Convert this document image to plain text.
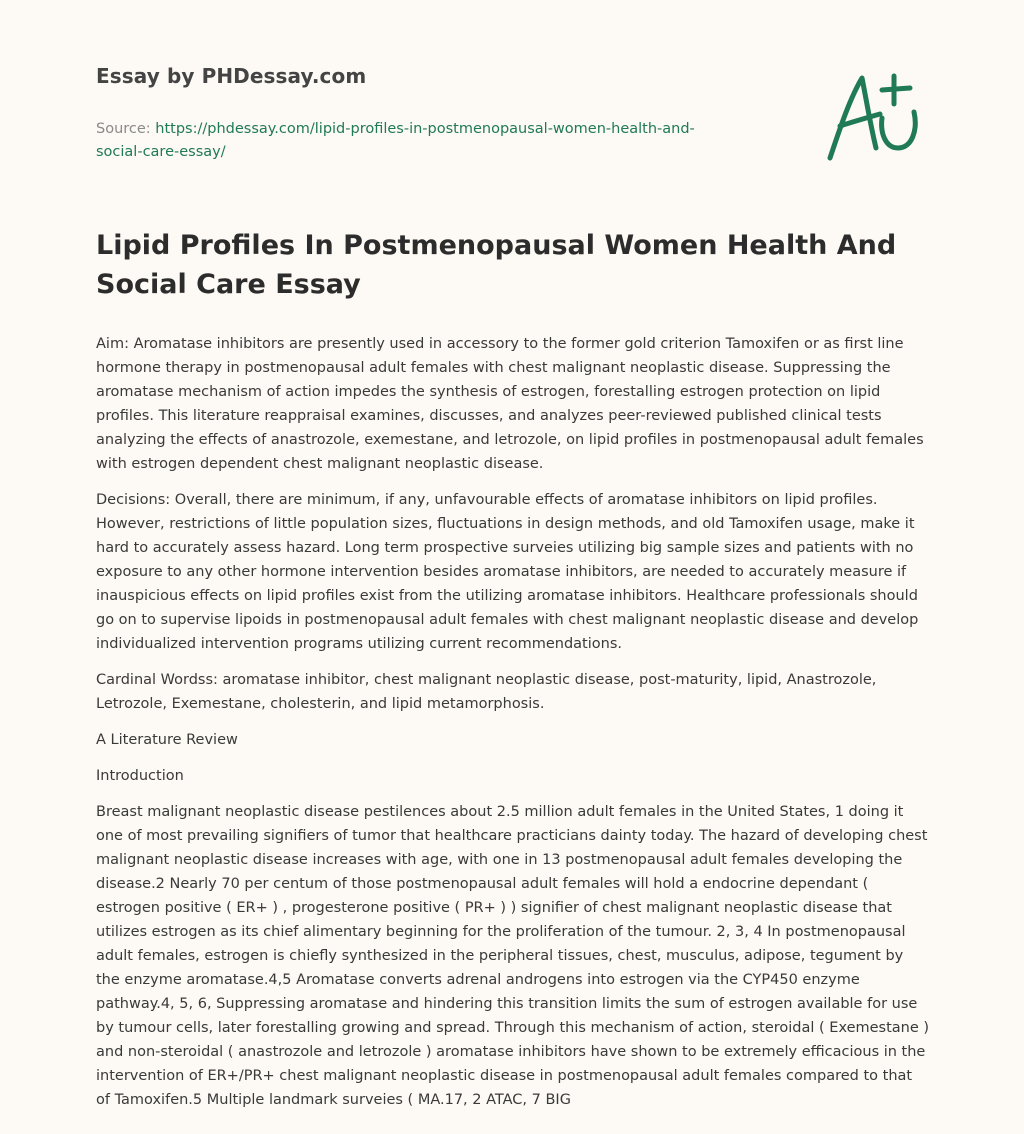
Essay by PHDessay.com
Source: https://phdessay.com/lipid-profiles-in-postmenopausal-women-health-and-social-care-essay/
Lipid Profiles In Postmenopausal Women Health And Social Care Essay

Aim: Aromatase inhibitors are presently used in accessory to the former gold criterion Tamoxifen or as first line hormone therapy in postmenopausal adult females with chest malignant neoplastic disease. Suppressing the aromatase mechanism of action impedes the synthesis of estrogen, forestalling estrogen protection on lipid profiles. This literature reappraisal examines, discusses, and analyzes peer-reviewed published clinical tests analyzing the effects of anastrozole, exemestane, and letrozole, on lipid profiles in postmenopausal adult females with estrogen dependent chest malignant neoplastic disease.

Decisions: Overall, there are minimum, if any, unfavourable effects of aromatase inhibitors on lipid profiles. However, restrictions of little population sizes, fluctuations in design methods, and old Tamoxifen usage, make it hard to accurately assess hazard. Long term prospective surveies utilizing big sample sizes and patients with no exposure to any other hormone intervention besides aromatase inhibitors, are needed to accurately measure if inauspicious effects on lipid profiles exist from the utilizing aromatase inhibitors. Healthcare professionals should go on to supervise lipoids in postmenopausal adult females with chest malignant neoplastic disease and develop individualized intervention programs utilizing current recommendations.

Cardinal Wordss: aromatase inhibitor, chest malignant neoplastic disease, post-maturity, lipid, Anastrozole, Letrozole, Exemestane, cholesterin, and lipid metamorphosis.

A Literature Review

Introduction

Breast malignant neoplastic disease pestilences about 2.5 million adult females in the United States, 1 doing it one of most prevailing signifiers of tumor that healthcare practicians dainty today. The hazard of developing chest malignant neoplastic disease increases with age, with one in 13 postmenopausal adult females developing the disease.2 Nearly 70 per centum of those postmenopausal adult females will hold a endocrine dependant ( estrogen positive ( ER+ ) , progesterone positive ( PR+ ) ) signifier of chest malignant neoplastic disease that utilizes estrogen as its chief alimentary beginning for the proliferation of the tumour. 2, 3, 4 In postmenopausal adult females, estrogen is chiefly synthesized in the peripheral tissues, chest, musculus, adipose, tegument by the enzyme aromatase.4,5 Aromatase converts adrenal androgens into estrogen via the CYP450 enzyme pathway.4, 5, 6, Suppressing aromatase and hindering this transition limits the sum of estrogen available for use by tumour cells, later forestalling growing and spread. Through this mechanism of action, steroidal ( Exemestane ) and non-steroidal ( anastrozole and letrozole ) aromatase inhibitors have shown to be extremely efficacious in the intervention of ER+/PR+ chest malignant neoplastic disease in postmenopausal adult females compared to that of Tamoxifen.5 Multiple landmark surveies ( MA.17, 2 ATAC, 7 BIG
